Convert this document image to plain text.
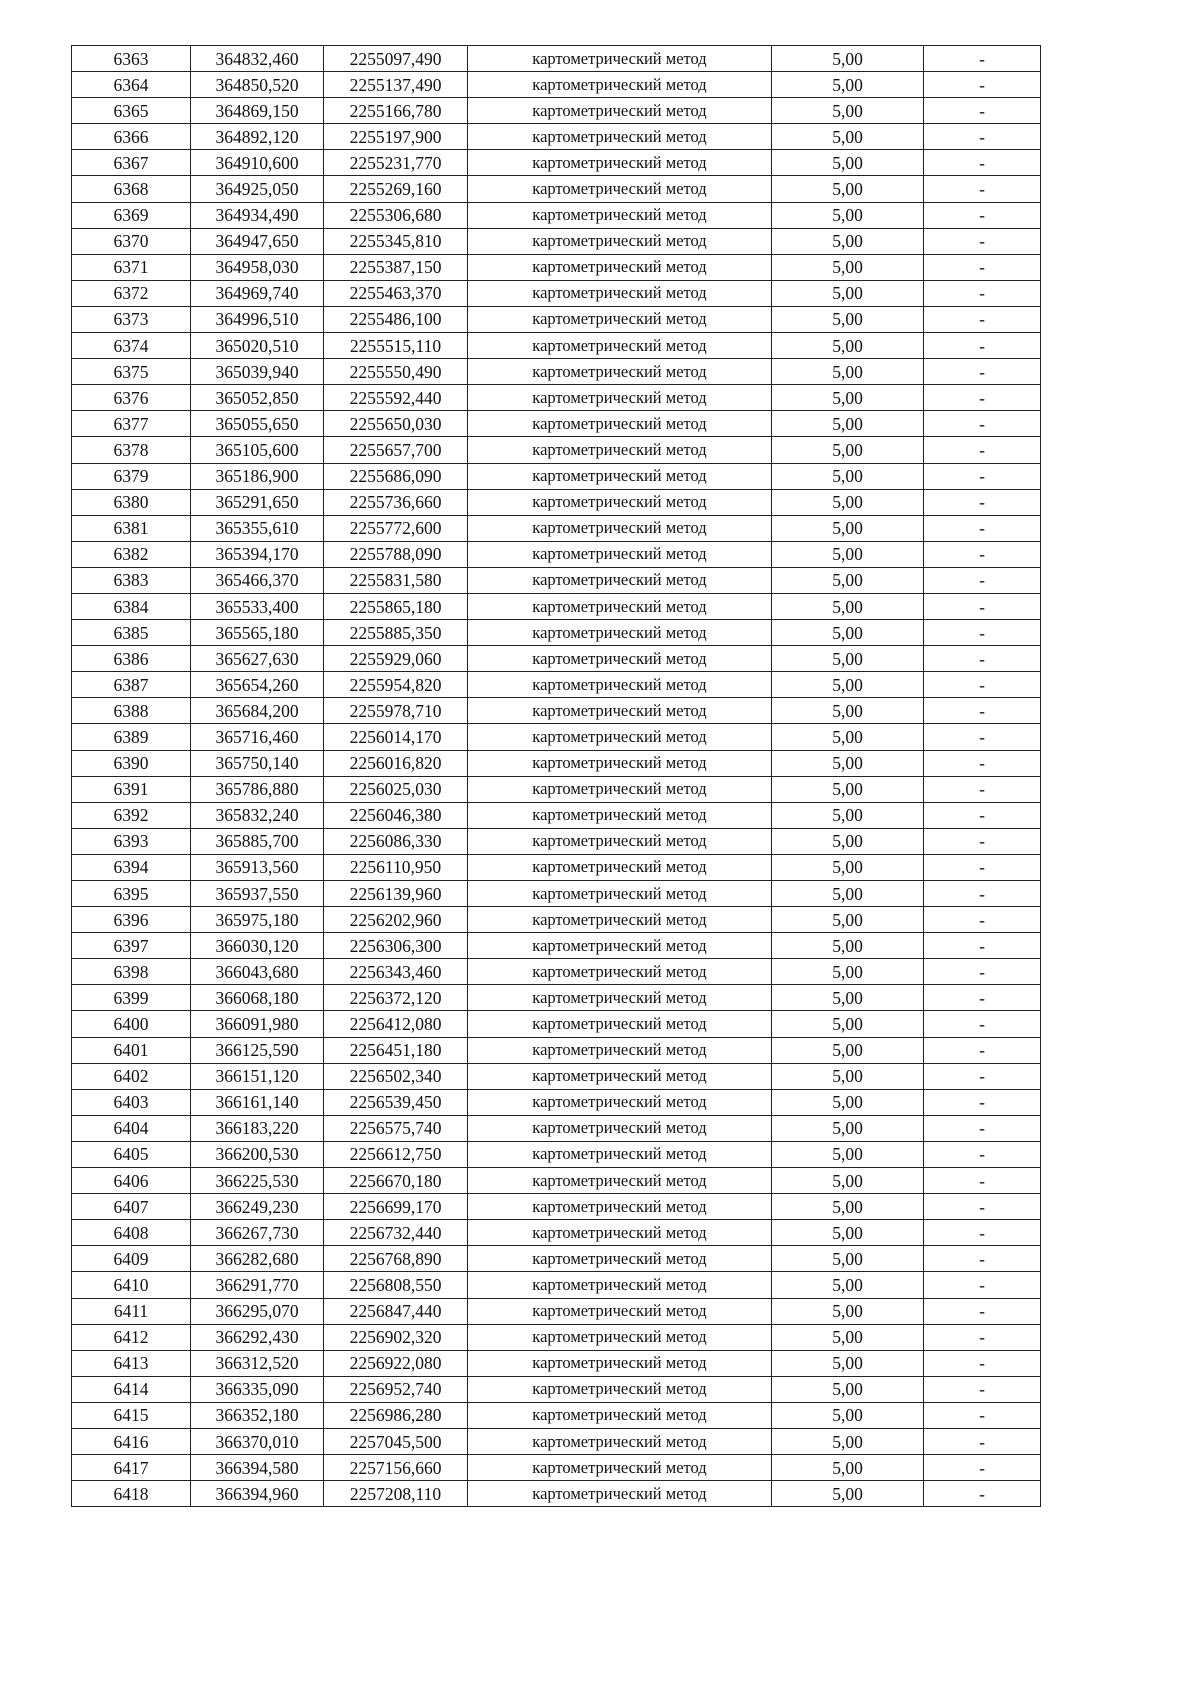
6363	364832,460	2255097,490	картометрический метод	5,00	-
6364	364850,520	2255137,490	картометрический метод	5,00	-
6365	364869,150	2255166,780	картометрический метод	5,00	-
6366	364892,120	2255197,900	картометрический метод	5,00	-
6367	364910,600	2255231,770	картометрический метод	5,00	-
6368	364925,050	2255269,160	картометрический метод	5,00	-
6369	364934,490	2255306,680	картометрический метод	5,00	-
6370	364947,650	2255345,810	картометрический метод	5,00	-
6371	364958,030	2255387,150	картометрический метод	5,00	-
6372	364969,740	2255463,370	картометрический метод	5,00	-
6373	364996,510	2255486,100	картометрический метод	5,00	-
6374	365020,510	2255515,110	картометрический метод	5,00	-
6375	365039,940	2255550,490	картометрический метод	5,00	-
6376	365052,850	2255592,440	картометрический метод	5,00	-
6377	365055,650	2255650,030	картометрический метод	5,00	-
6378	365105,600	2255657,700	картометрический метод	5,00	-
6379	365186,900	2255686,090	картометрический метод	5,00	-
6380	365291,650	2255736,660	картометрический метод	5,00	-
6381	365355,610	2255772,600	картометрический метод	5,00	-
6382	365394,170	2255788,090	картометрический метод	5,00	-
6383	365466,370	2255831,580	картометрический метод	5,00	-
6384	365533,400	2255865,180	картометрический метод	5,00	-
6385	365565,180	2255885,350	картометрический метод	5,00	-
6386	365627,630	2255929,060	картометрический метод	5,00	-
6387	365654,260	2255954,820	картометрический метод	5,00	-
6388	365684,200	2255978,710	картометрический метод	5,00	-
6389	365716,460	2256014,170	картометрический метод	5,00	-
6390	365750,140	2256016,820	картометрический метод	5,00	-
6391	365786,880	2256025,030	картометрический метод	5,00	-
6392	365832,240	2256046,380	картометрический метод	5,00	-
6393	365885,700	2256086,330	картометрический метод	5,00	-
6394	365913,560	2256110,950	картометрический метод	5,00	-
6395	365937,550	2256139,960	картометрический метод	5,00	-
6396	365975,180	2256202,960	картометрический метод	5,00	-
6397	366030,120	2256306,300	картометрический метод	5,00	-
6398	366043,680	2256343,460	картометрический метод	5,00	-
6399	366068,180	2256372,120	картометрический метод	5,00	-
6400	366091,980	2256412,080	картометрический метод	5,00	-
6401	366125,590	2256451,180	картометрический метод	5,00	-
6402	366151,120	2256502,340	картометрический метод	5,00	-
6403	366161,140	2256539,450	картометрический метод	5,00	-
6404	366183,220	2256575,740	картометрический метод	5,00	-
6405	366200,530	2256612,750	картометрический метод	5,00	-
6406	366225,530	2256670,180	картометрический метод	5,00	-
6407	366249,230	2256699,170	картометрический метод	5,00	-
6408	366267,730	2256732,440	картометрический метод	5,00	-
6409	366282,680	2256768,890	картометрический метод	5,00	-
6410	366291,770	2256808,550	картометрический метод	5,00	-
6411	366295,070	2256847,440	картометрический метод	5,00	-
6412	366292,430	2256902,320	картометрический метод	5,00	-
6413	366312,520	2256922,080	картометрический метод	5,00	-
6414	366335,090	2256952,740	картометрический метод	5,00	-
6415	366352,180	2256986,280	картометрический метод	5,00	-
6416	366370,010	2257045,500	картометрический метод	5,00	-
6417	366394,580	2257156,660	картометрический метод	5,00	-
6418	366394,960	2257208,110	картометрический метод	5,00	-
